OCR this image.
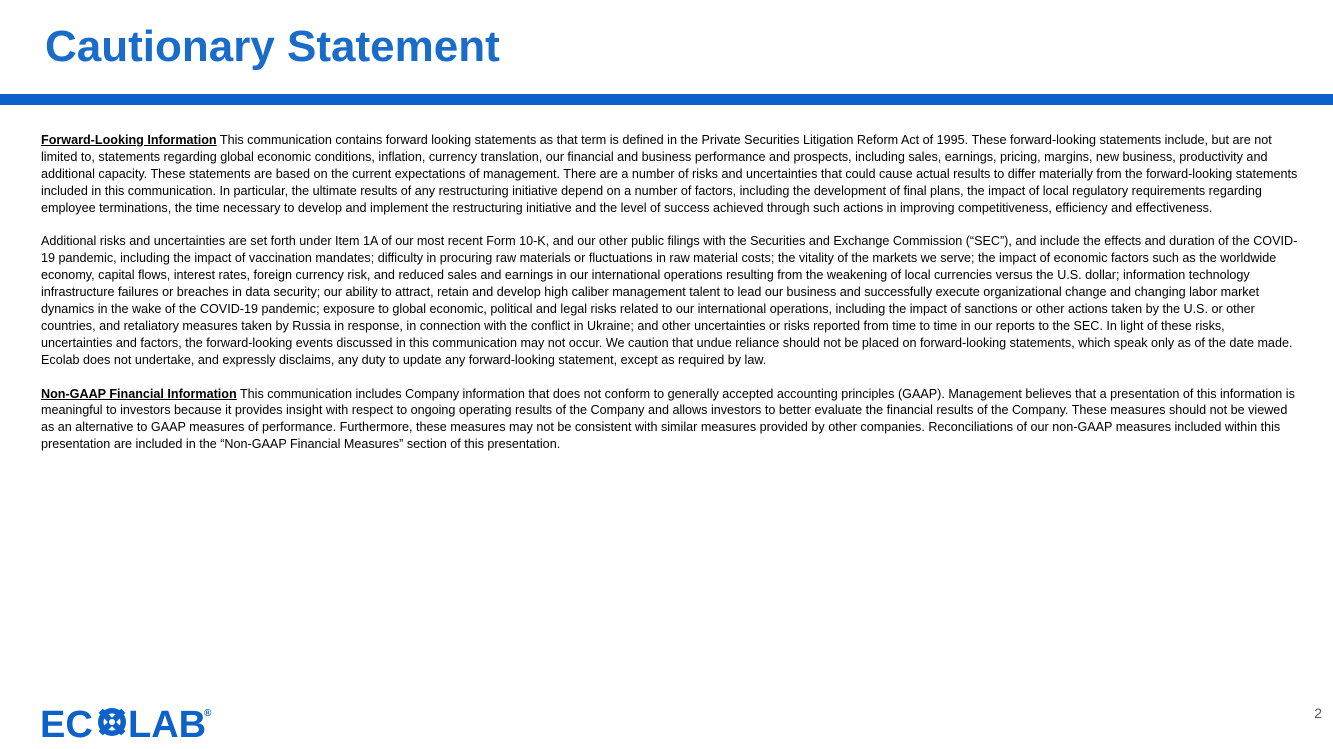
Cautionary Statement

Forward-Looking Information This communication contains forward looking statements as that term is defined in the Private Securities Litigation Reform Act of 1995. These forward-looking statements include, but are not limited to, statements regarding global economic conditions, inflation, currency translation, our financial and business performance and prospects, including sales, earnings, pricing, margins, new business, productivity and additional capacity. These statements are based on the current expectations of management. There are a number of risks and uncertainties that could cause actual results to differ materially from the forward-looking statements included in this communication. In particular, the ultimate results of any restructuring initiative depend on a number of factors, including the development of final plans, the impact of local regulatory requirements regarding employee terminations, the time necessary to develop and implement the restructuring initiative and the level of success achieved through such actions in improving competitiveness, efficiency and effectiveness.

Additional risks and uncertainties are set forth under Item 1A of our most recent Form 10-K, and our other public filings with the Securities and Exchange Commission (“SEC”), and include the effects and duration of the COVID-19 pandemic, including the impact of vaccination mandates; difficulty in procuring raw materials or fluctuations in raw material costs; the vitality of the markets we serve; the impact of economic factors such as the worldwide economy, capital flows, interest rates, foreign currency risk, and reduced sales and earnings in our international operations resulting from the weakening of local currencies versus the U.S. dollar; information technology infrastructure failures or breaches in data security; our ability to attract, retain and develop high caliber management talent to lead our business and successfully execute organizational change and changing labor market dynamics in the wake of the COVID-19 pandemic; exposure to global economic, political and legal risks related to our international operations, including the impact of sanctions or other actions taken by the U.S. or other countries, and retaliatory measures taken by Russia in response, in connection with the conflict in Ukraine; and other uncertainties or risks reported from time to time in our reports to the SEC. In light of these risks, uncertainties and factors, the forward-looking events discussed in this communication may not occur. We caution that undue reliance should not be placed on forward-looking statements, which speak only as of the date made. Ecolab does not undertake, and expressly disclaims, any duty to update any forward-looking statement, except as required by law.

Non-GAAP Financial Information This communication includes Company information that does not conform to generally accepted accounting principles (GAAP). Management believes that a presentation of this information is meaningful to investors because it provides insight with respect to ongoing operating results of the Company and allows investors to better evaluate the financial results of the Company. These measures should not be viewed as an alternative to GAAP measures of performance. Furthermore, these measures may not be consistent with similar measures provided by other companies. Reconciliations of our non-GAAP measures included within this presentation are included in the “Non-GAAP Financial Measures” section of this presentation.

EC LAB
®	2
